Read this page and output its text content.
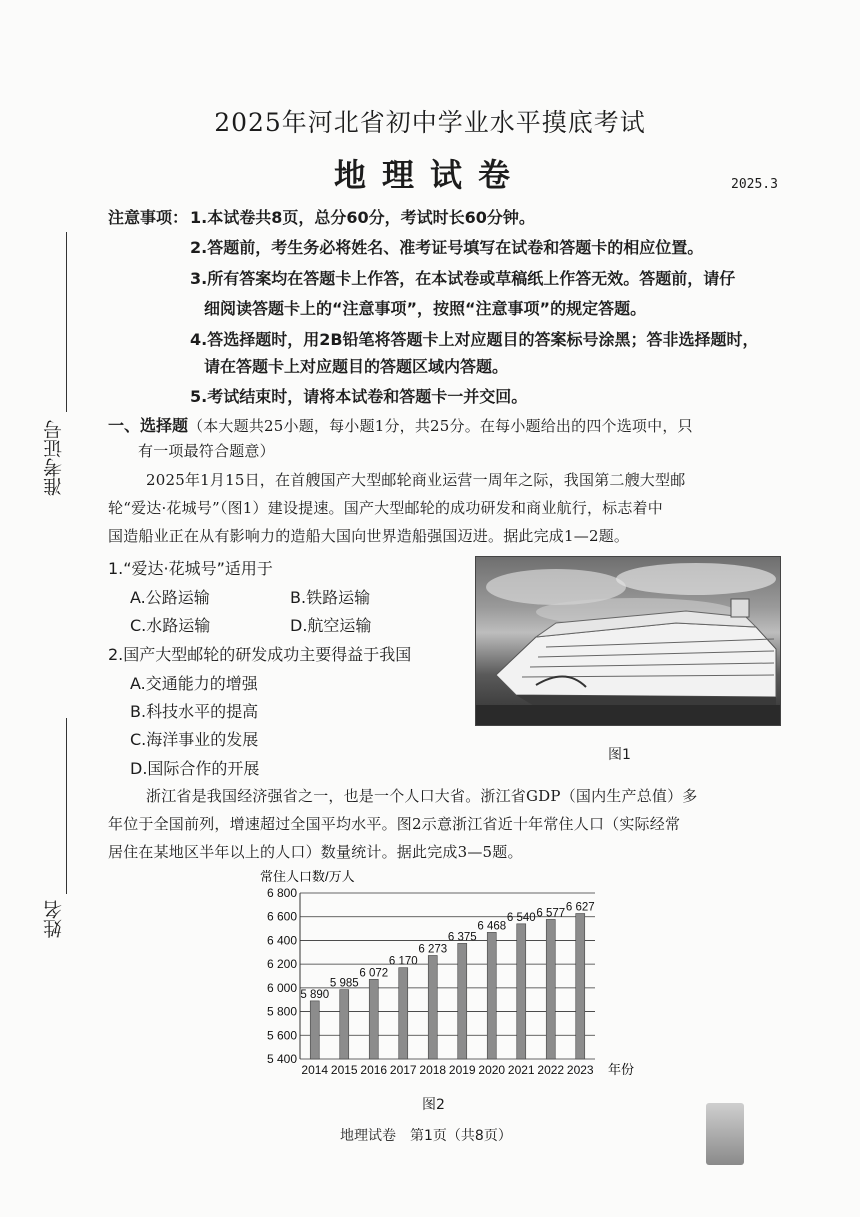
2025年河北省初中学业水平摸底考试
地理试卷	2025.3
准考证号
姓名
注意事项： 1.本试卷共8页，总分60分，考试时长60分钟。
2.答题前，考生务必将姓名、准考证号填写在试卷和答题卡的相应位置。
3.所有答案均在答题卡上作答，在本试卷或草稿纸上作答无效。答题前，请仔
细阅读答题卡上的“注意事项”，按照“注意事项”的规定答题。
4.答选择题时，用2B铅笔将答题卡上对应题目的答案标号涂黑；答非选择题时，
请在答题卡上对应题目的答题区域内答题。
5.考试结束时，请将本试卷和答题卡一并交回。
一、选择题（本大题共25小题，每小题1分，共25分。在每小题给出的四个选项中，只
有一项最符合题意）
2025年1月15日，在首艘国产大型邮轮商业运营一周年之际，我国第二艘大型邮
轮“爱达·花城号”（图1）建设提速。国产大型邮轮的成功研发和商业航行，标志着中
国造船业正在从有影响力的造船大国向世界造船强国迈进。据此完成1—2题。
1.“爱达·花城号”适用于
A.公路运输	B.铁路运输
C.水路运输	D.航空运输
2.国产大型邮轮的研发成功主要得益于我国
A.交通能力的增强
B.科技水平的提高
C.海洋事业的发展
D.国际合作的开展
图1
浙江省是我国经济强省之一，也是一个人口大省。浙江省GDP（国内生产总值）多
年位于全国前列，增速超过全国平均水平。图2示意浙江省近十年常住人口（实际经常
居住在某地区半年以上的人口）数量统计。据此完成3—5题。
常住人口数/万人
5 400
5 600
5 800
6 000
6 200
6 400
6 600
6 800
5 890
5 985
6 072
6 170
6 273
6 375
6 468
6 540 6 577 6 627
2014 2015 2016 2017 2018 2019 2020 2021 2022 2023 年份
图2
地理试卷　第1页（共8页）
